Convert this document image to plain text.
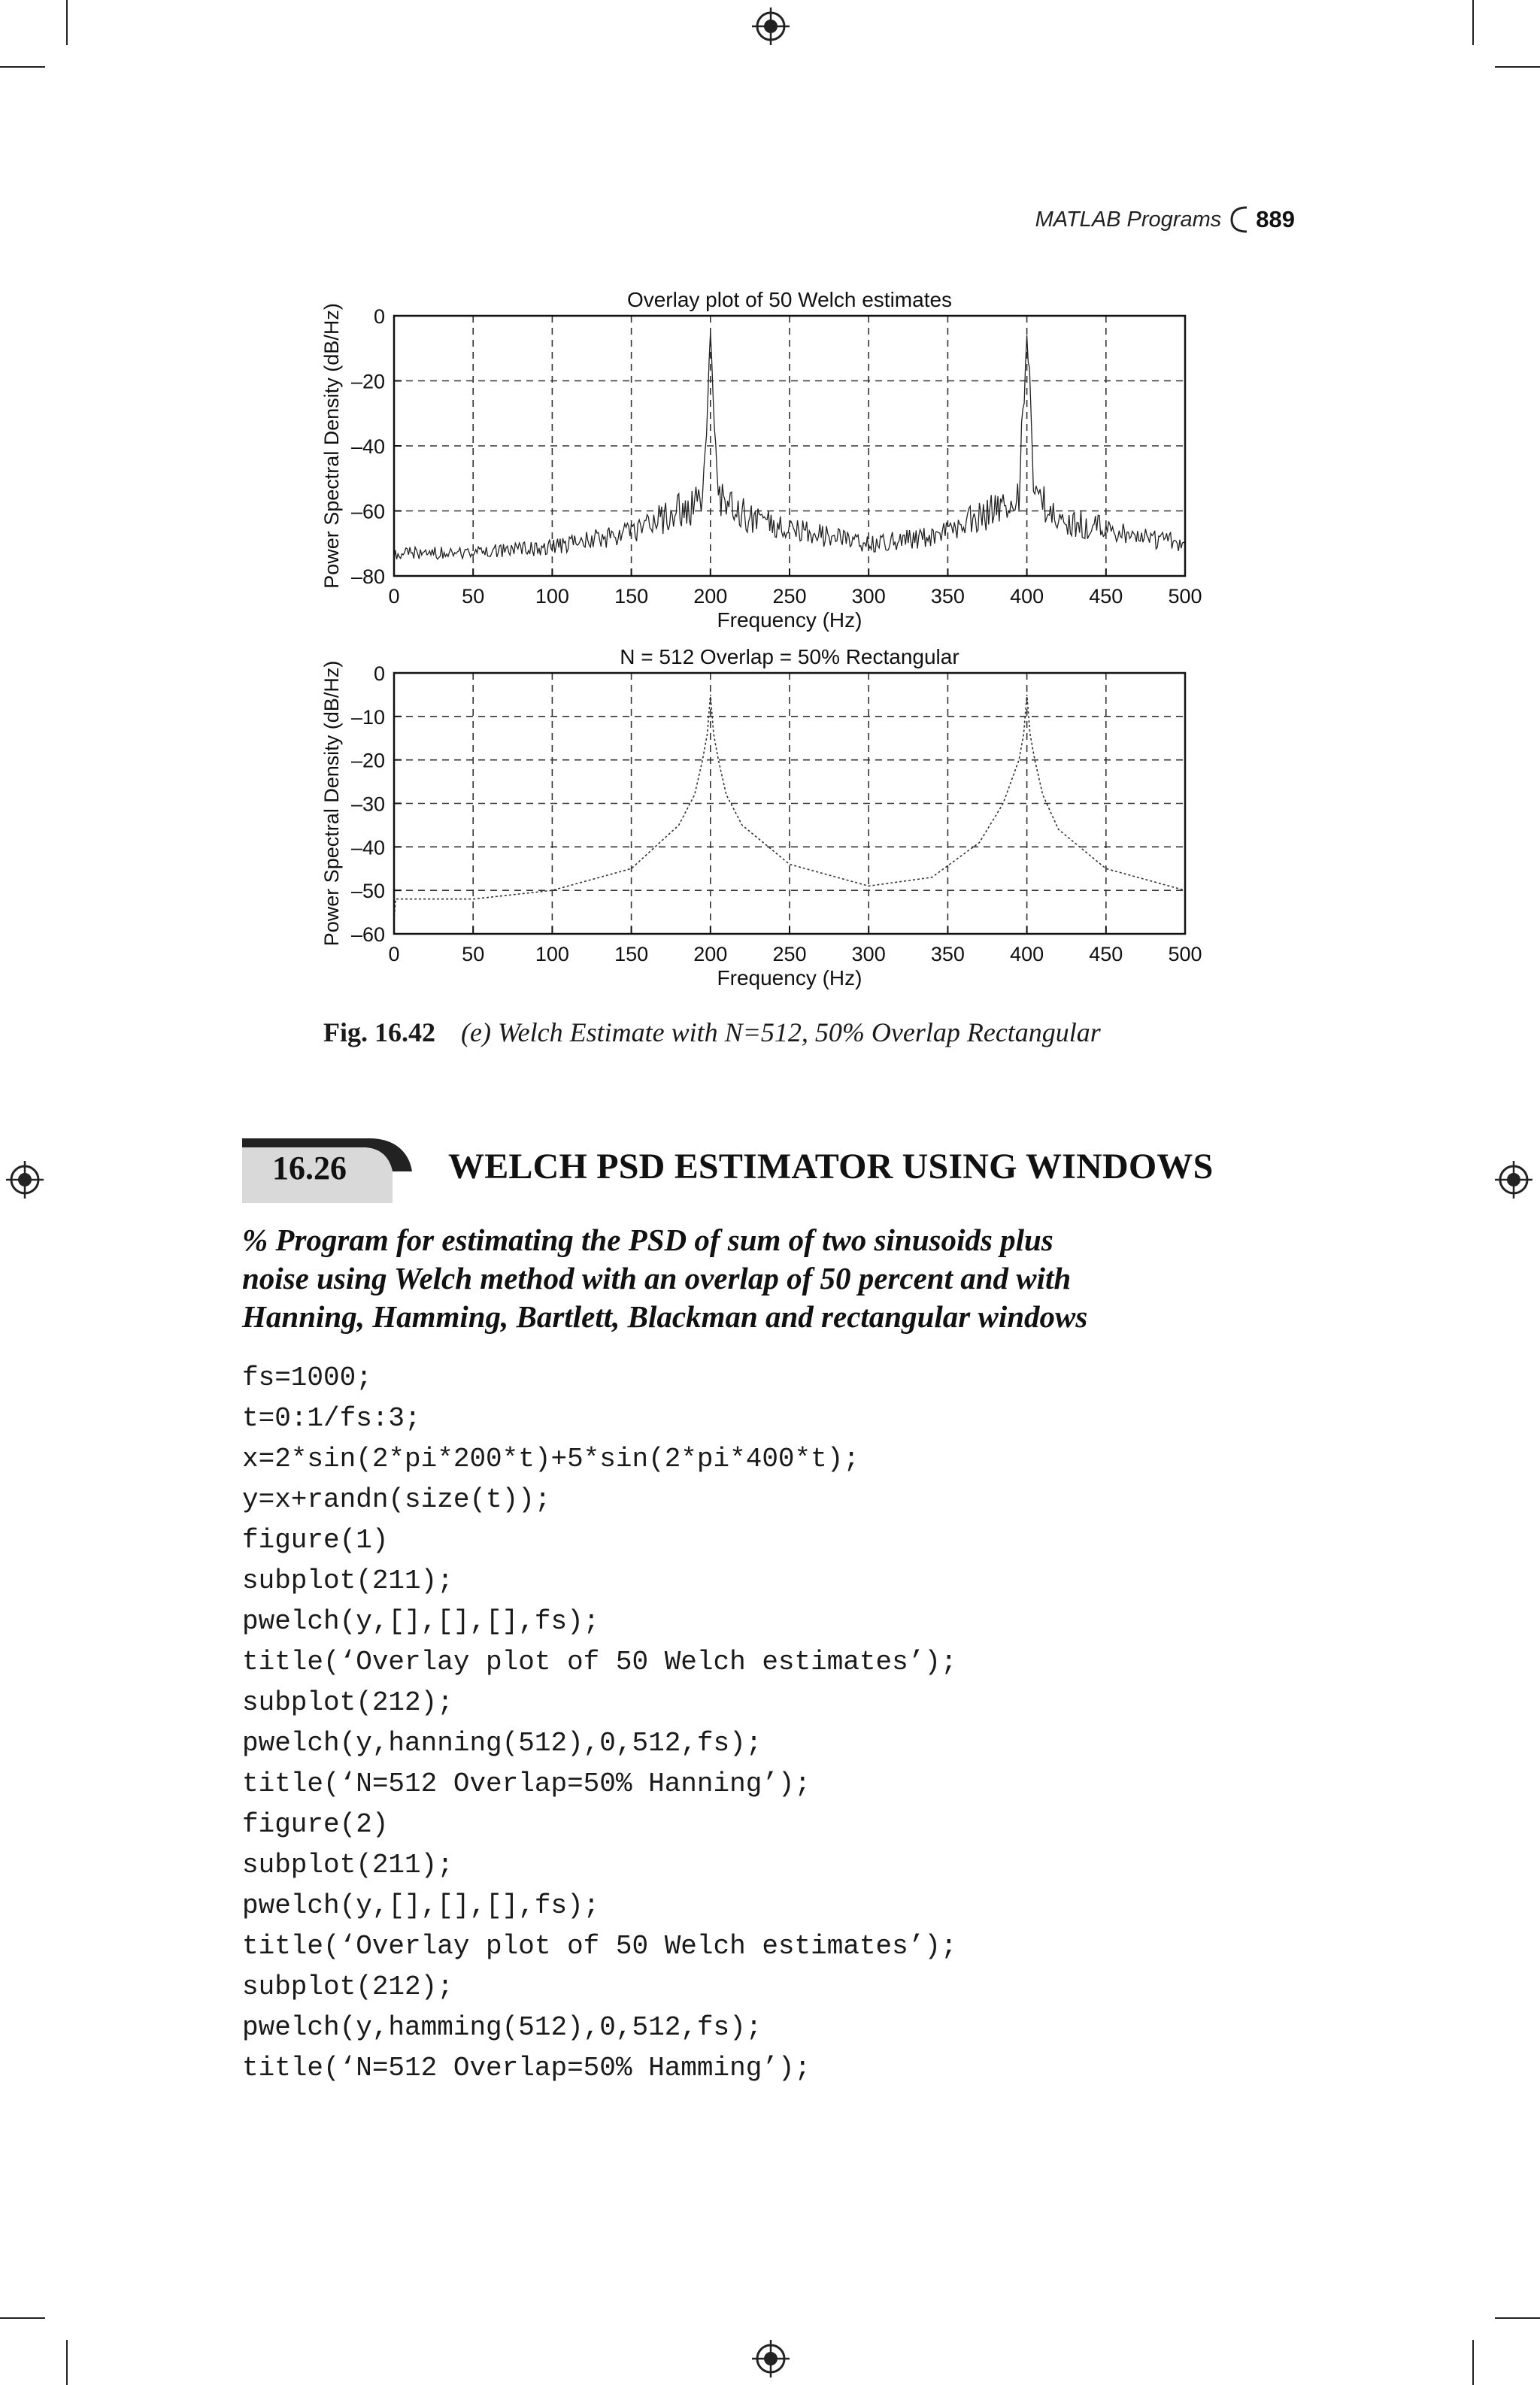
MATLAB Programs 889
0	50	100 150 200 250 300 350 400 450 500
0
–20
–40
–60
–80
Overlay plot of 50 Welch estimates
Frequency (Hz)
Power Spectral Density (dB/Hz)
0	50	100 150 200 250 300 350 400 450 500
0
–10
–20
–30
–40
–50
–60
N = 512 Overlap = 50% Rectangular
Frequency (Hz)
Power Spectral Density (dB/Hz)
Fig. 16.42 (e) Welch Estimate with N=512, 50% Overlap Rectangular
16.26	WELCH PSD ESTIMATOR USING WINDOWS
% Program for estimating the PSD of sum of two sinusoids plus
noise using Welch method with an overlap of 50 percent and with
Hanning, Hamming, Bartlett, Blackman and rectangular windows
fs=1000;
t=0:1/fs:3;
x=2*sin(2*pi*200*t)+5*sin(2*pi*400*t);
y=x+randn(size(t));
figure(1)
subplot(211);
pwelch(y,[],[],[],fs);
title(‘Overlay plot of 50 Welch estimates’);
subplot(212);
pwelch(y,hanning(512),0,512,fs);
title(‘N=512 Overlap=50% Hanning’);
figure(2)
subplot(211);
pwelch(y,[],[],[],fs);
title(‘Overlay plot of 50 Welch estimates’);
subplot(212);
pwelch(y,hamming(512),0,512,fs);
title(‘N=512 Overlap=50% Hamming’);
